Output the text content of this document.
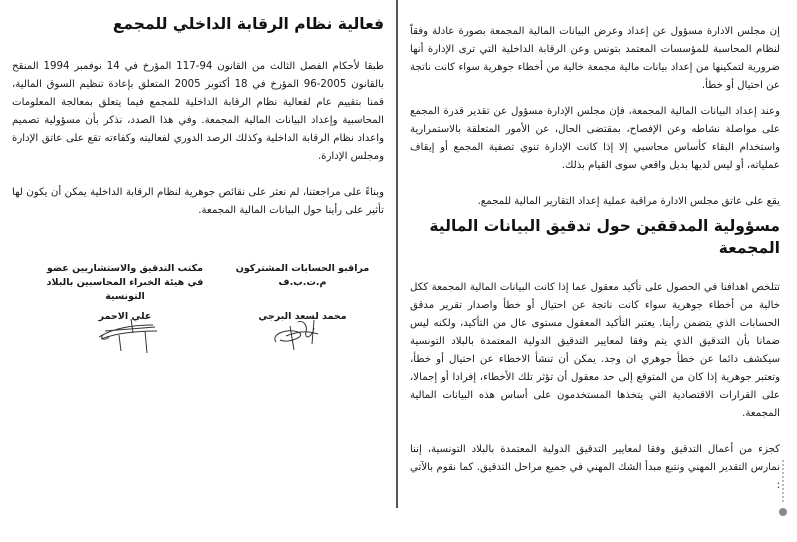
فعالية نظام الرقابة الداخلي للمجمع

طبقا لأحكام الفصل الثالث من القانون 94-117 المؤرخ في 14 نوفمبر 1994 المنقح بالقانون 2005-96 المؤرخ في 18 أكتوبر 2005 المتعلق بإعادة تنظيم السوق المالية، قمنا بتقييم عام لفعالية نظام الرقابة الداخلية للمجمع فيما يتعلق بمعالجة المعلومات المحاسبية وإعداد البيانات المالية المجمعة. وفي هذا الصدد، نذكر بأن مسؤولية تصميم واعداد نظام الرقابة الداخلية وكذلك الرصد الدوري لفعاليته وكفاءته تقع على عاتق الإدارة ومجلس الإدارة.

وبناءً على مراجعتنا، لم نعثر على نقائص جوهرية لنظام الرقابة الداخلية يمكن أن يكون لها تأثير على رأينا حول البيانات المالية المجمعة.

مراقبو الحسابات المشتركون م.ت.ب.ف
محمد لسعد البرجي
مكتب التدقيق والاستشاريين عضو في هيئة الخبراء المحاسبين بالبلاد التونسية
علي الاحمر

إن مجلس الادارة مسؤول عن إعداد وعرض البيانات المالية المجمعة بصورة عادلة وفقاً لنظام المحاسبة للمؤسسات المعتمد بتونس وعن الرقابة الداخلية التي ترى الإدارة أنها ضرورية لتمكينها من إعداد بيانات مالية مجمعة خالية من أخطاء جوهرية سواء كانت ناتجة عن احتيال أو خطأ.

وعند إعداد البيانات المالية المجمعة، فإن مجلس الإدارة مسؤول عن تقدير قدرة المجمع على مواصلة نشاطه وعن الإفصاح، بمقتضى الحال، عن الأمور المتعلقة بالاستمرارية واستخدام البقاء كأساس محاسبي إلا إذا كانت الإدارة تنوي تصفية المجمع أو إيقاف عملياته، أو ليس لديها بديل واقعي سوى القيام بذلك.

يقع على عاتق مجلس الادارة مراقبة عملية إعداد التقارير المالية للمجمع.

مسؤولية المدققين حول تدقيق البيانات المالية المجمعة

تتلخص اهدافنا في الحصول على تأكيد معقول عما إذا كانت البيانات المالية المجمعة ككل خالية من أخطاء جوهرية سواء كانت ناتجة عن احتيال أو خطأ واصدار تقرير مدقق الحسابات الذي يتضمن رأينا. يعتبر التأكيد المعقول مستوى عال من التأكيد، ولكنه ليس ضمانا بأن التدقيق الذي يتم وفقا لمعايير التدقيق الدولية المعتمدة بالبلاد التونسية سيكشف دائما عن خطأ جوهري ان وجد. يمكن أن تنشأ الاخطاء عن احتيال أو خطأ، وتعتبر جوهرية إذا كان من المتوقع إلى حد معقول أن تؤثر تلك الأخطاء، إفرادا أو إجمالا، على القرارات الاقتصادية التي يتخذها المستخدمون على أساس هذه البيانات المالية المجمعة.

كجزء من أعمال التدقيق وفقا لمعايير التدقيق الدولية المعتمدة بالبلاد التونسية، إننا نمارس التقدير المهني ونتبع مبدأ الشك المهني في جميع مراحل التدقيق. كما نقوم بالآتي :
